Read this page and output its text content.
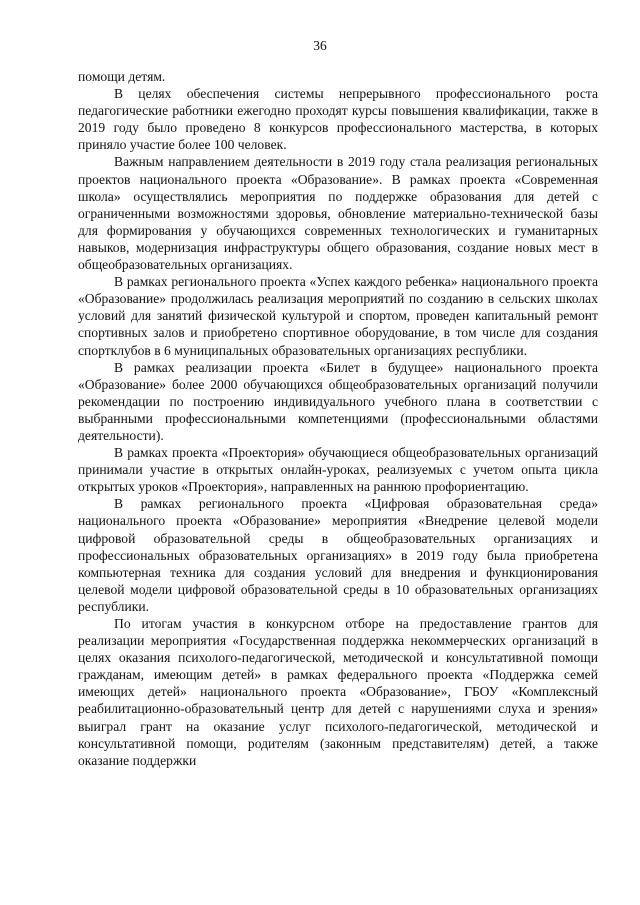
36

помощи детям.

В целях обеспечения системы непрерывного профессионального роста педагогические работники ежегодно проходят курсы повышения квалификации, также в 2019 году было проведено 8 конкурсов профессионального мастерства, в которых приняло участие более 100 человек.

Важным направлением деятельности в 2019 году стала реализация региональных проектов национального проекта «Образование». В рамках проекта «Современная школа» осуществлялись мероприятия по поддержке образования для детей с ограниченными возможностями здоровья, обновление материально-технической базы для формирования у обучающихся современных технологических и гуманитарных навыков, модернизация инфраструктуры общего образования, создание новых мест в общеобразовательных организациях.

В рамках регионального проекта «Успех каждого ребенка» национального проекта «Образование» продолжилась реализация мероприятий по созданию в сельских школах условий для занятий физической культурой и спортом, проведен капитальный ремонт спортивных залов и приобретено спортивное оборудование, в том числе для создания спортклубов в 6 муниципальных образовательных организациях республики.

В рамках реализации проекта «Билет в будущее» национального проекта «Образование» более 2000 обучающихся общеобразовательных организаций получили рекомендации по построению индивидуального учебного плана в соответствии с выбранными профессиональными компетенциями (профессиональными областями деятельности).

В рамках проекта «Проектория» обучающиеся общеобразовательных организаций принимали участие в открытых онлайн-уроках, реализуемых с учетом опыта цикла открытых уроков «Проектория», направленных на раннюю профориентацию.

В рамках регионального проекта «Цифровая образовательная среда» национального проекта «Образование» мероприятия «Внедрение целевой модели цифровой образовательной среды в общеобразовательных организациях и профессиональных образовательных организациях» в 2019 году была приобретена компьютерная техника для создания условий для внедрения и функционирования целевой модели цифровой образовательной среды в 10 образовательных организациях республики.

По итогам участия в конкурсном отборе на предоставление грантов для реализации мероприятия «Государственная поддержка некоммерческих организаций в целях оказания психолого-педагогической, методической и консультативной помощи гражданам, имеющим детей» в рамках федерального проекта «Поддержка семей имеющих детей» национального проекта «Образование», ГБОУ «Комплексный реабилитационно-образовательный центр для детей с нарушениями слуха и зрения» выиграл грант на оказание услуг психолого-педагогической, методической и консультативной помощи, родителям (законным представителям) детей, а также оказание поддержки
